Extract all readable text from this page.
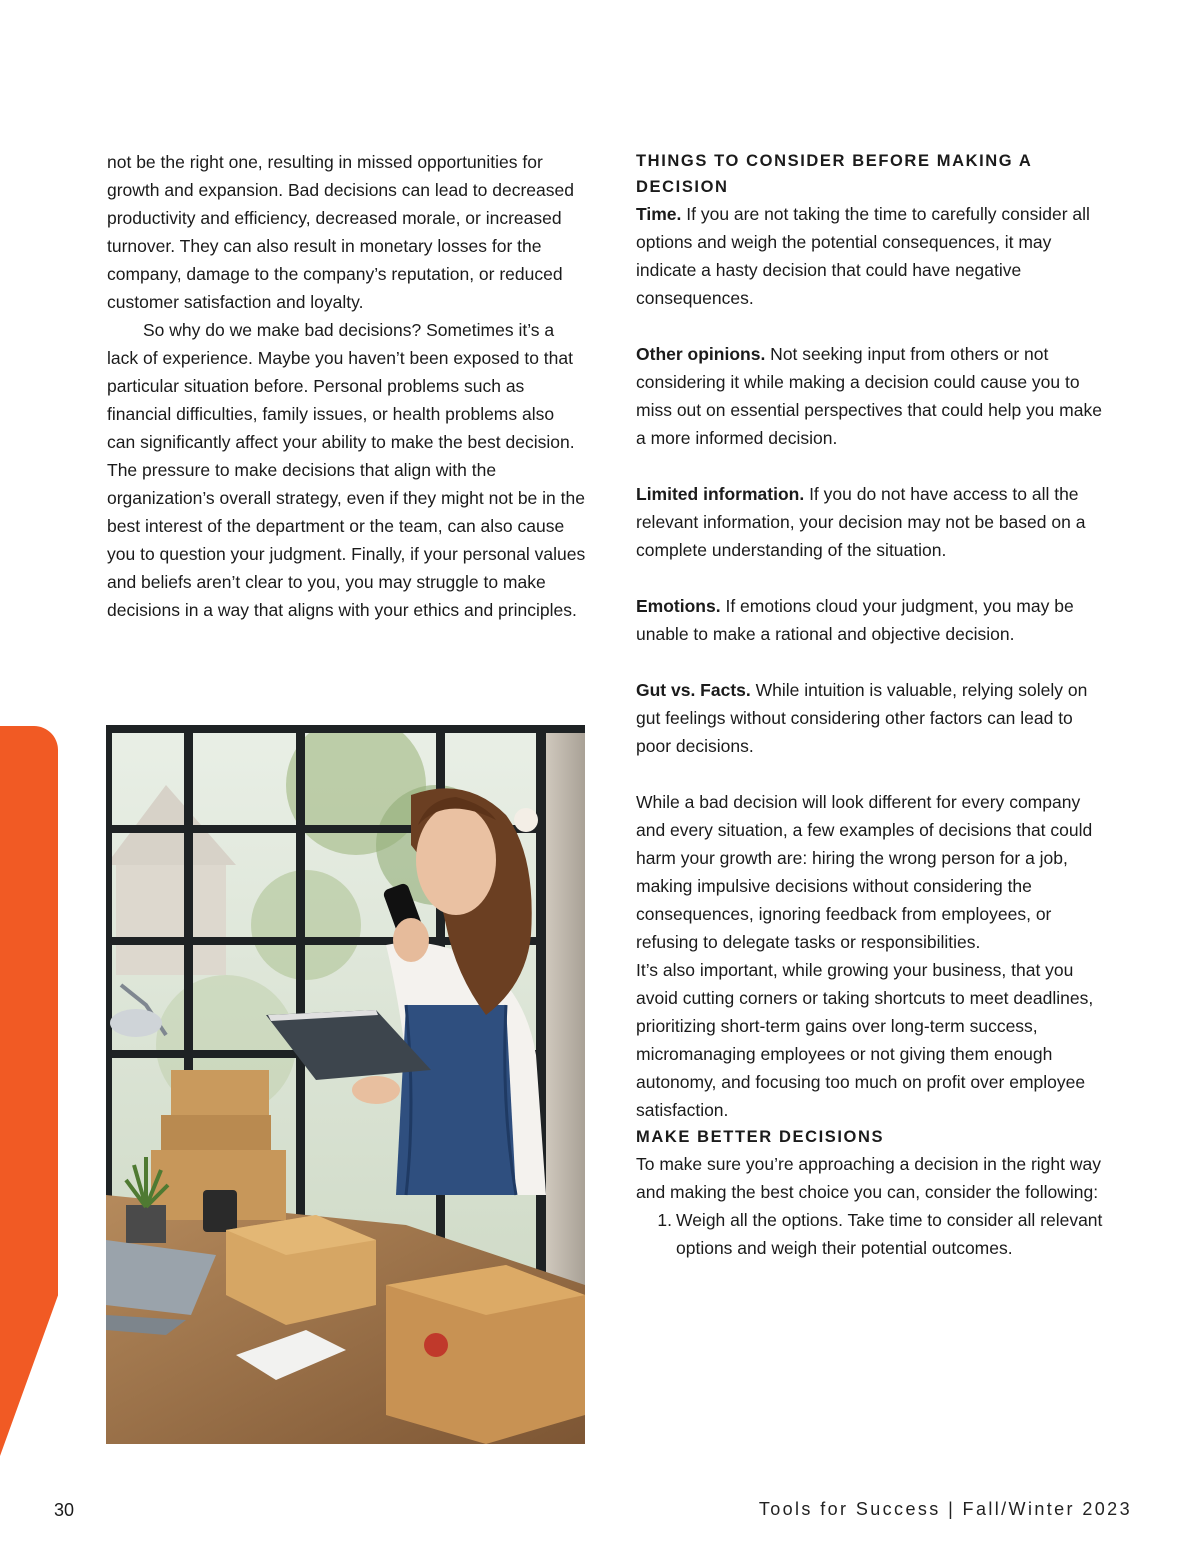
not be the right one, resulting in missed opportunities for growth and expansion. Bad decisions can lead to decreased productivity and efficiency, decreased morale, or increased turnover. They can also result in monetary losses for the company, damage to the company’s reputation, or reduced customer satisfaction and loyalty.

So why do we make bad decisions? Sometimes it’s a lack of experience. Maybe you haven’t been exposed to that particular situation before. Personal problems such as financial difficulties, family issues, or health problems also can significantly affect your ability to make the best decision. The pressure to make decisions that align with the organization’s overall strategy, even if they might not be in the best interest of the department or the team, can also cause you to question your judgment. Finally, if your personal values and beliefs aren’t clear to you, you may struggle to make decisions in a way that aligns with your ethics and principles.

THINGS TO CONSIDER BEFORE MAKING A DECISION

Time. If you are not taking the time to carefully consider all options and weigh the potential consequences, it may indicate a hasty decision that could have negative consequences.
Other opinions. Not seeking input from others or not considering it while making a decision could cause you to miss out on essential perspectives that could help you make a more informed decision.
Limited information. If you do not have access to all the relevant information, your decision may not be based on a complete understanding of the situation.
Emotions. If emotions cloud your judgment, you may be unable to make a rational and objective decision.
Gut vs. Facts. While intuition is valuable, relying solely on gut feelings without considering other factors can lead to poor decisions.

While a bad decision will look different for every company and every situation, a few examples of decisions that could harm your growth are: hiring the wrong person for a job, making impulsive decisions without considering the consequences, ignoring feedback from employees, or refusing to delegate tasks or responsibilities.

It’s also important, while growing your business, that you avoid cutting corners or taking shortcuts to meet deadlines, prioritizing short-term gains over long-term success, micromanaging employees or not giving them enough autonomy, and focusing too much on profit over employee satisfaction.

MAKE BETTER DECISIONS

To make sure you’re approaching a decision in the right way and making the best choice you can, consider the following:

1. Weigh all the options. Take time to consider all relevant options and weigh their potential outcomes.
30	Tools for Success | Fall/Winter 2023
